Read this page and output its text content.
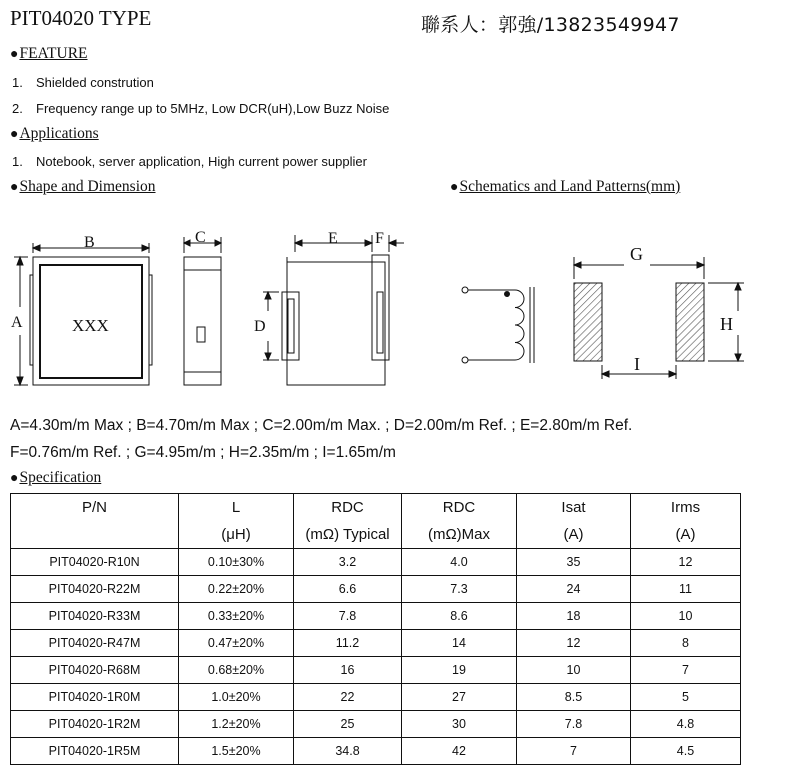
PIT04020 TYPE	聯系人：郭強/13823549947
●FEATURE
1. Shielded constrution
2. Frequency range up to 5MHz, Low DCR(uH),Low Buzz Noise
●Applications
1. Notebook, server application, High current power supplier
●Shape and Dimension	●Schematics and Land Patterns(mm)
B
A	XXX
C	E F
D
G
H
I
A=4.30m/m Max ; B=4.70m/m Max ; C=2.00m/m Max. ; D=2.00m/m Ref. ; E=2.80m/m Ref.
F=0.76m/m Ref. ; G=4.95m/m ; H=2.35m/m ; I=1.65m/m
●Specification
P/N	L	RDC	RDC	Isat	Irms
	(μH)	(mΩ) Typical	(mΩ)Max	(A)	(A)
PIT04020-R10N	0.10±30%	3.2	4.0	35	12
PIT04020-R22M	0.22±20%	6.6	7.3	24	11
PIT04020-R33M	0.33±20%	7.8	8.6	18	10
PIT04020-R47M	0.47±20%	11.2	14	12	8
PIT04020-R68M	0.68±20%	16	19	10	7
PIT04020-1R0M	1.0±20%	22	27	8.5	5
PIT04020-1R2M	1.2±20%	25	30	7.8	4.8
PIT04020-1R5M	1.5±20%	34.8	42	7	4.5
